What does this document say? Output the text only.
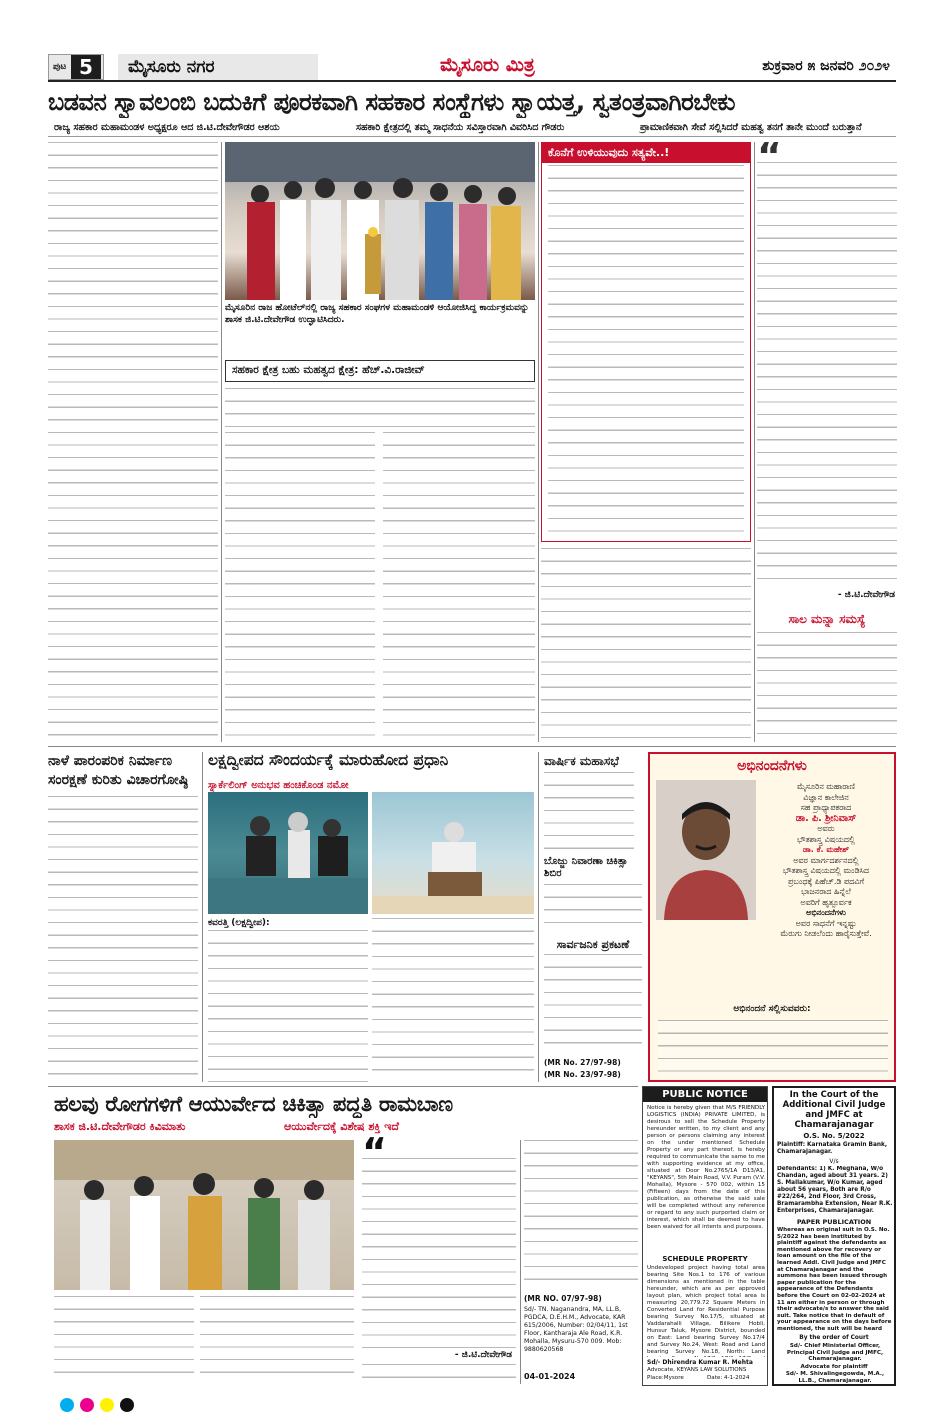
ಪುಟ 5	ಮೈಸೂರು ನಗರ	ಮೈಸೂರು ಮಿತ್ರ	ಶುಕ್ರವಾರ ೫ ಜನವರಿ ೨೦೨೪
ಬಡವನ ಸ್ವಾವಲಂಬಿ ಬದುಕಿಗೆ ಪೂರಕವಾಗಿ ಸಹಕಾರ ಸಂಸ್ಥೆಗಳು ಸ್ವಾಯತ್ತ, ಸ್ವತಂತ್ರವಾಗಿರಬೇಕು
ರಾಜ್ಯ ಸಹಕಾರ ಮಹಾಮಂಡಳ ಅಧ್ಯಕ್ಷರೂ ಆದ ಜಿ.ಟಿ.ದೇವೇಗೌಡರ ಆಶಯ	ಸಹಕಾರಿ ಕ್ಷೇತ್ರದಲ್ಲಿ ತಮ್ಮ ಸಾಧನೆಯ ಸವಿಸ್ತಾರವಾಗಿ ವಿವರಿಸಿದ ಗೌಡರು	ಪ್ರಾಮಾಣಿಕವಾಗಿ ಸೇವೆ ಸಲ್ಲಿಸಿದರೆ ಮಹತ್ವ ತನಗೆ ತಾನೇ ಮುಂದೆ ಬರುತ್ತಾನೆ
ಕೊನೆಗೆ ಉಳಿಯುವುದು ಸತ್ಯವೇ..!	“
- ಜಿ.ಟಿ.ದೇವೇಗೌಡ
ಮೈಸೂರಿನ ರಾಜ ಹೋಟೆಲ್‌ನಲ್ಲಿ ರಾಜ್ಯ ಸಹಕಾರ ಸಂಘಗಳ ಮಹಾಮಂಡಳಿ ಆಯೋಜಿಸಿದ್ದ ಕಾರ್ಯಕ್ರಮವನ್ನು ಶಾಸಕ ಜಿ.ಟಿ.ದೇವೇಗೌಡ ಉದ್ಘಾಟಿಸಿದರು.
ಸಹಕಾರ ಕ್ಷೇತ್ರ ಬಹು ಮಹತ್ವದ ಕ್ಷೇತ್ರ: ಹೆಚ್.ವಿ.ರಾಜೀವ್
ಸಾಲ ಮನ್ನಾ ಸಮಸ್ಯೆ
ನಾಳೆ ಪಾರಂಪರಿಕ ನಿರ್ಮಾಣ ಸಂರಕ್ಷಣೆ ಕುರಿತು ವಿಚಾರಗೋಷ್ಠಿ
ಲಕ್ಷದ್ವೀಪದ ಸೌಂದರ್ಯಕ್ಕೆ ಮಾರುಹೋದ ಪ್ರಧಾನಿ
ಸ್ನಾರ್ಕೆಲಿಂಗ್ ಅನುಭವ ಹಂಚಿಕೊಂಡ ನಮೋ
ಕವರತ್ತಿ (ಲಕ್ಷದ್ವೀಪ):
ವಾರ್ಷಿಕ ಮಹಾಸಭೆ
ಬೊಜ್ಜು ನಿವಾರಣಾ ಚಿಕಿತ್ಸಾ ಶಿಬಿರ
ಸಾರ್ವಜನಿಕ ಪ್ರಕಟಣೆ
(MR No. 27/97-98)
(MR No. 23/97-98)
ಅಭಿನಂದನೆಗಳು
ಮೈಸೂರಿನ ಮಹಾರಾಣಿ
ವಿಜ್ಞಾನ ಕಾಲೇಜಿನ
ಸಹ ಪ್ರಾಧ್ಯಾಪಕರಾದ
ಡಾ. ಪಿ. ಶ್ರೀನಿವಾಸ್
ಅವರು
ಭೌತಶಾಸ್ತ್ರ ವಿಷಯದಲ್ಲಿ
ಡಾ. ಕೆ. ಮಹೇಶ್
ಅವರ ಮಾರ್ಗದರ್ಶನದಲ್ಲಿ
ಭೌತಶಾಸ್ತ್ರ ವಿಷಯದಲ್ಲಿ ಮಂಡಿಸಿದ
ಪ್ರಬಂಧಕ್ಕೆ ಪಿಹೆಚ್.ಡಿ ಪದವಿಗೆ
ಭಾಜನರಾದ ಹಿನ್ನೆಲೆ
ಅವರಿಗೆ ಹೃತ್ಪೂರ್ವಕ
ಅಭಿನಂದನೆಗಳು
ಅವರ ಸಾಧನೆಗೆ ಇನ್ನಷ್ಟು
ಮೆರುಗು ನೀಡಲೆಂದು ಹಾರೈಸುತ್ತೇವೆ.
ಅಭಿನಂದನೆ ಸಲ್ಲಿಸುವವರು:
ಹಲವು ರೋಗಗಳಿಗೆ ಆಯುರ್ವೇದ ಚಿಕಿತ್ಸಾ ಪದ್ಧತಿ ರಾಮಬಾಣ
ಶಾಸಕ ಜಿ.ಟಿ.ದೇವೇಗೌಡರ ಕಿವಿಮಾತು	ಆಯುರ್ವೇದಕ್ಕೆ ವಿಶೇಷ ಶಕ್ತಿ ಇದೆ
“
- ಜಿ.ಟಿ.ದೇವೇಗೌಡ
(MR NO. 07/97-98)
Sd/- TN. Naganandra, MA, LL.B, PGDCA, D.E.H.M., Advocate, KAR 615/2006, Number: 02/04/11, 1st Floor, Kantharaja Ale Road, K.R. Mohalla, Mysuru-570 009. Mob: 9880620568
04-01-2024
PUBLIC NOTICE
Notice is hereby given that M/S FRIENDLY LOGISTICS (INDIA) PRIVATE LIMITED, is desirous to sell the Schedule Property hereunder written, to my client and any person or persons claiming any interest on the under mentioned Schedule Property or any part thereof, is hereby required to communicate the same to me with supporting evidence at my office, situated at Door No.2765/1A D13/A1, "KEYANS", 5th Main Road, V.V. Puram (V.V. Mohalla), Mysore - 570 002, within 15 (Fifteen) days from the date of this publication, as otherwise the said sale will be completed without any reference or regard to any such purported claim or interest, which shall be deemed to have been waived for all intents and purposes.
SCHEDULE PROPERTY
Undeveloped project having total area bearing Site Nos.1 to 176 of various dimensions as mentioned in the table hereunder, which are as per approved layout plan, which project total area is measuring 20,779.72 Square Meters in Converted Land for Residential Purpose bearing Survey No.17/5, situated at Vaddarahalli Village, Bilikere Hobli, Hunsur Taluk, Mysore District, bounded on East: Land bearing Survey No.17/4 and Survey No.24, West: Road and Land bearing Survey No.18, North: Land
Sd/- Dhirendra Kumar R. Mehta
Advocate, KEYANS LAW SOLUTIONS
Place:Mysore	Date: 4-1-2024
In the Court of the Additional Civil Judge and JMFC at Chamarajanagar
O.S. No. 5/2022
Plaintiff: Karnataka Gramin Bank, Chamarajanagar.
V/s
Defendants: 1) K. Meghana, W/o Chandan, aged about 31 years. 2) S. Mallakumar, W/o Kumar, aged about 56 years, Both are R/o #22/264, 2nd Floor, 3rd Cross, Bramarambha Extension, Near R.K. Enterprises, Chamarajanagar.
PAPER PUBLICATION
Whereas an original suit in O.S. No. 5/2022 has been instituted by plaintiff against the defendants as mentioned above for recovery or loan amount on the file of the learned Addl. Civil Judge and JMFC at Chamarajanagar and the summons has been issued through paper publication for the appearance of the Defendants before the Court on 02-02-2024 at 11 am either in person or through their advocate/s to answer the said suit. Take notice that in default of your appearance on the days before mentioned, the suit will be heard
By the order of Court
Sd/- Chief Ministerial Officer, Principal Civil Judge and JMFC, Chamarajanagar.
Advocate for plaintiff
Sd/- M. Shivalingegowda, M.A., LL.B., Chamarajanagar.
